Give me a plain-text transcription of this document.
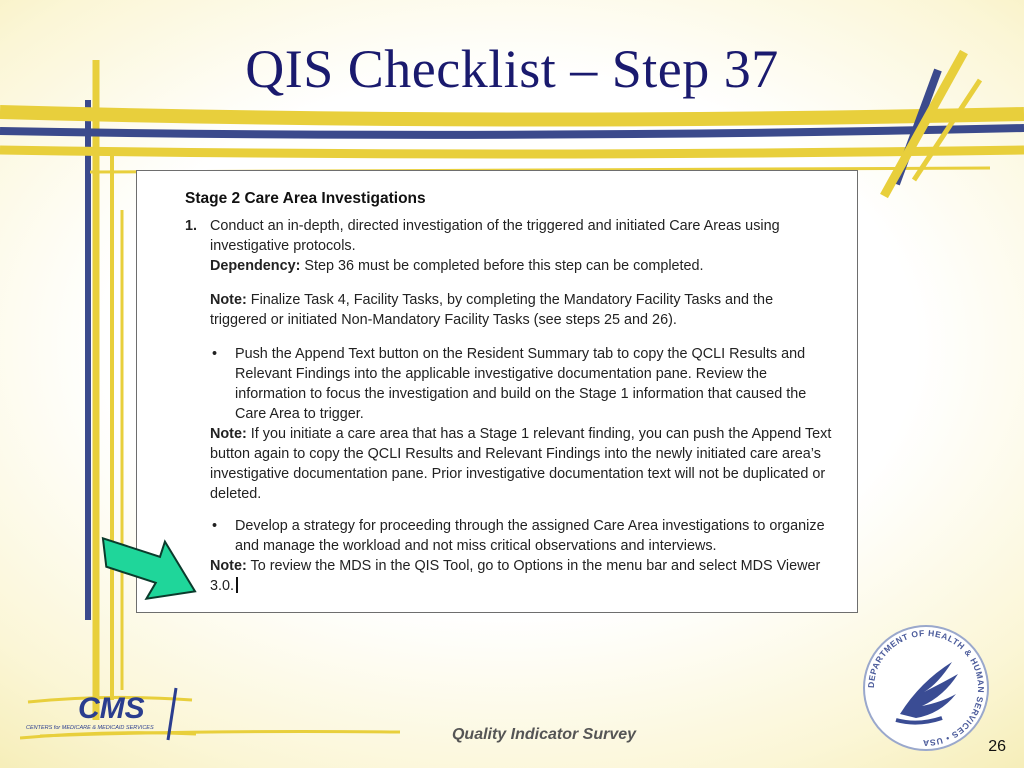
QIS Checklist – Step 37

Stage 2 Care Area Investigations

1. Conduct an in-depth, directed investigation of the triggered and initiated Care Areas using investigative protocols.

Dependency: Step 36 must be completed before this step can be completed.

Note: Finalize Task 4, Facility Tasks, by completing the Mandatory Facility Tasks and the triggered or initiated Non-Mandatory Facility Tasks (see steps 25 and 26).

• Push the Append Text button on the Resident Summary tab to copy the QCLI Results and Relevant Findings into the applicable investigative documentation pane. Review the information to focus the investigation and build on the Stage 1 information that caused the Care Area to trigger.

Note: If you initiate a care area that has a Stage 1 relevant finding, you can push the Append Text button again to copy the QCLI Results and Relevant Findings into the newly initiated care area’s investigative documentation pane. Prior investigative documentation text will not be duplicated or deleted.

• Develop a strategy for proceeding through the assigned Care Area investigations to organize and manage the workload and not miss critical observations and interviews.

Note: To review the MDS in the QIS Tool, go to Options in the menu bar and select MDS Viewer 3.0.

CMS
CENTERS for MEDICARE & MEDICAID SERVICES
DEPARTMENT OF HEALTH & HUMAN SERVICES • USA
Quality Indicator Survey
26
